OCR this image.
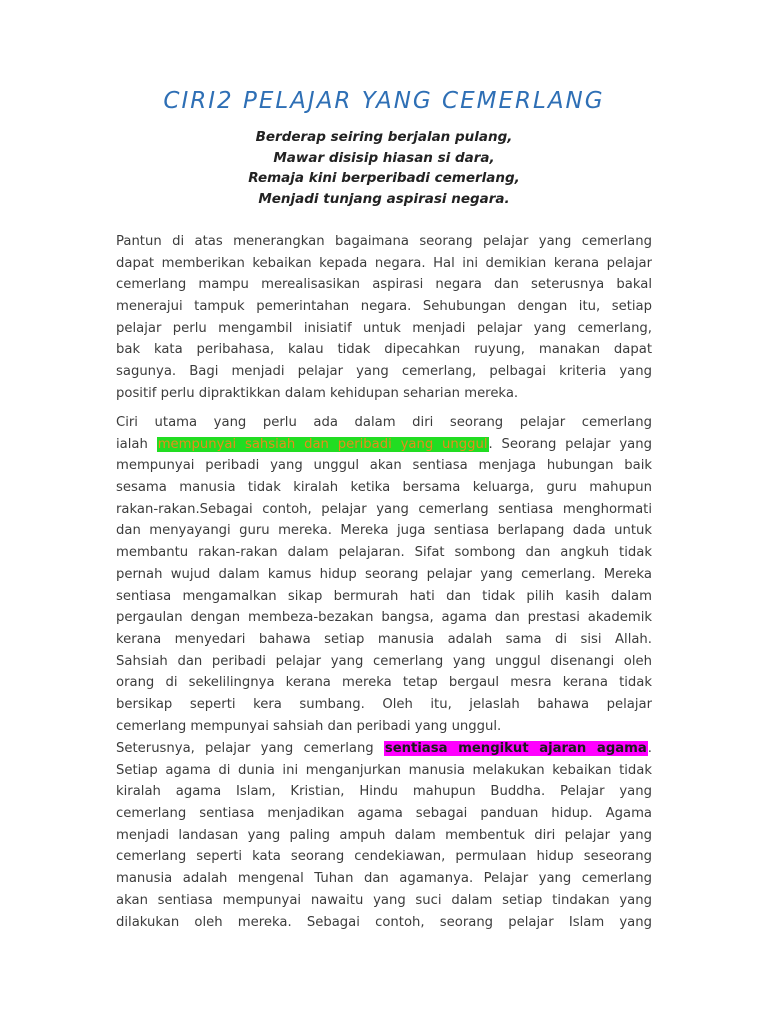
CIRI2 PELAJAR YANG CEMERLANG
Berderap seiring berjalan pulang,
Mawar disisip hiasan si dara,
Remaja kini berperibadi cemerlang,
Menjadi tunjang aspirasi negara.
Pantun di atas menerangkan bagaimana seorang pelajar yang cemerlang
dapat memberikan kebaikan kepada negara. Hal ini demikian kerana pelajar
cemerlang mampu merealisasikan aspirasi negara dan seterusnya bakal
menerajui tampuk pemerintahan negara. Sehubungan dengan itu, setiap
pelajar perlu mengambil inisiatif untuk menjadi pelajar yang cemerlang,
bak kata peribahasa, kalau tidak dipecahkan ruyung, manakan dapat
sagunya. Bagi menjadi pelajar yang cemerlang, pelbagai kriteria yang
positif perlu dipraktikkan dalam kehidupan seharian mereka.
Ciri utama yang perlu ada dalam diri seorang pelajar cemerlang
ialah mempunyai sahsiah dan peribadi yang unggul. Seorang pelajar yang
mempunyai peribadi yang unggul akan sentiasa menjaga hubungan baik
sesama manusia tidak kiralah ketika bersama keluarga, guru mahupun
rakan-rakan.Sebagai contoh, pelajar yang cemerlang sentiasa menghormati
dan menyayangi guru mereka. Mereka juga sentiasa berlapang dada untuk
membantu rakan-rakan dalam pelajaran. Sifat sombong dan angkuh tidak
pernah wujud dalam kamus hidup seorang pelajar yang cemerlang. Mereka
sentiasa mengamalkan sikap bermurah hati dan tidak pilih kasih dalam
pergaulan dengan membeza-bezakan bangsa, agama dan prestasi akademik
kerana menyedari bahawa setiap manusia adalah sama di sisi Allah.
Sahsiah dan peribadi pelajar yang cemerlang yang unggul disenangi oleh
orang di sekelilingnya kerana mereka tetap bergaul mesra kerana tidak
bersikap seperti kera sumbang. Oleh itu, jelaslah bahawa pelajar
cemerlang mempunyai sahsiah dan peribadi yang unggul.
Seterusnya, pelajar yang cemerlang sentiasa mengikut ajaran agama.
Setiap agama di dunia ini menganjurkan manusia melakukan kebaikan tidak
kiralah agama Islam, Kristian, Hindu mahupun Buddha. Pelajar yang
cemerlang sentiasa menjadikan agama sebagai panduan hidup. Agama
menjadi landasan yang paling ampuh dalam membentuk diri pelajar yang
cemerlang seperti kata seorang cendekiawan, permulaan hidup seseorang
manusia adalah mengenal Tuhan dan agamanya. Pelajar yang cemerlang
akan sentiasa mempunyai nawaitu yang suci dalam setiap tindakan yang
dilakukan oleh mereka. Sebagai contoh, seorang pelajar Islam yang
